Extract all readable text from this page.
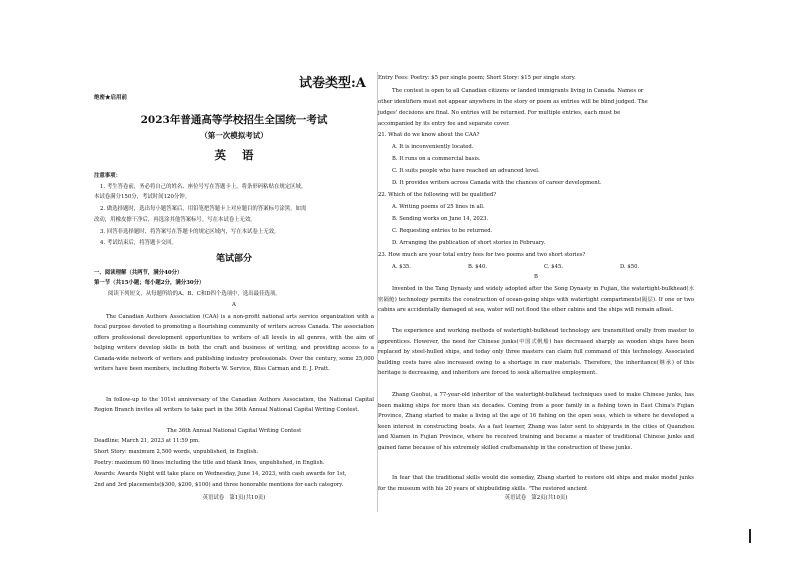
试卷类型:A
绝密★启用前
2023年普通高等学校招生全国统一考试
（第一次模拟考试）
英    语
注意事项：
1. 考生答卷前，务必将自己的姓名、座位号写在答题卡上。将条形码粘贴在规定区域。
本试卷满分150分，考试时间120分钟。
2. 做选择题时，选出每小题答案后，用铅笔把答题卡上对应题目的答案标号涂黑。如需
改动，用橡皮擦干净后，再选涂其他答案标号。写在本试卷上无效。
3. 回答非选择题时，将答案写在答题卡的规定区域内，写在本试卷上无效。
4. 考试结束后，将答题卡交回。
笔试部分
一、阅读理解（共两节，满分40分）
第一节（共15小题；每小题2分，满分30分）
阅读下列短文，从每题所给的A、B、C和D四个选项中，选出最佳选项。
A
The Canadian Authors Association (CAA) is a non-profit national arts service organization with a focal purpose devoted to promoting a flourishing community of writers across Canada. The association offers professional development opportunities to writers of all levels in all genres, with the aim of helping writers develop skills in both the craft and business of writing, and providing access to a Canada-wide network of writers and publishing industry professionals. Over the century, some 25,000 writers have been members, including Roberts W. Service, Bliss Carman and E. J. Pratt.
In follow-up to the 101st anniversary of the Canadian Authors Association, the National Capital Region Branch invites all writers to take part in the 36th Annual National Capital Writing Contest.
The 36th Annual National Capital Writing Contest
Deadline: March 21, 2023 at 11:59 pm.
Short Story: maximum 2,500 words, unpublished, in English.
Poetry: maximum 60 lines including the title and blank lines, unpublished, in English.
Awards: Awards Night will take place on Wednesday, June 14, 2023, with cash awards for 1st,
2nd and 3rd placements($300, $200, $100) and three honorable mentions for each category.
英语试卷   第1页(共10页)
Entry Fees: Poetry: $5 per single poem; Short Story: $15 per single story.
The contest is open to all Canadian citizens or landed immigrants living in Canada. Names or
other identifiers must not appear anywhere in the story or poem as entries will be blind judged. The
judges' decisions are final. No entries will be returned. For multiple entries, each must be
accompanied by its entry fee and separate cover.
21. What do we know about the CAA?
A. It is inconveniently located.
B. It runs on a commercial basis.
C. It suits people who have reached an advanced level.
D. It provides writers across Canada with the chances of career development.
22. Which of the following will be qualified?
A. Writing poems of 25 lines in all.
B. Sending works on June 14, 2023.
C. Requesting entries to be returned.
D. Arranging the publication of short stories in February.
23. How much are your total entry fees for two poems and two short stories?
A. $35.	B. $40.	C. $45.	D. $50.
B
Invented in the Tang Dynasty and widely adopted after the Song Dynasty in Fujian, the watertight-bulkhead(水密隔舱) technology permits the construction of ocean-going ships with watertight compartments(隔层). If one or two cabins are accidentally damaged at sea, water will not flood the other cabins and the ships will remain afloat.
The experience and working methods of watertight-bulkhead technology are transmitted orally from master to apprentices. However, the need for Chinese junks(中国式帆船) has decreased sharply as wooden ships have been replaced by steel-hulled ships, and today only three masters can claim full command of this technology. Associated building costs have also increased owing to a shortage in raw materials. Therefore, the inheritance(继承) of this heritage is decreasing, and inheritors are forced to seek alternative employment.
Zhang Guohui, a 77-year-old inheritor of the watertight-bulkhead techniques used to make Chinese junks, has been making ships for more than six decades. Coming from a poor family in a fishing town in East China's Fujian Province, Zhang started to make a living at the age of 16 fishing on the open seas, which is where he developed a keen interest in constructing boats. As a fast learner, Zhang was later sent to shipyards in the cities of Quanzhou and Xiamen in Fujian Province, where he received training and became a master of traditional Chinese junks and gained fame because of his extremely skilled craftsmanship in the construction of these junks.
In fear that the traditional skills would die someday, Zhang started to restore old ships and make model junks for the museum with his 20 years of shipbuilding skills. "The restored ancient
英语试卷   第2页(共10页)
